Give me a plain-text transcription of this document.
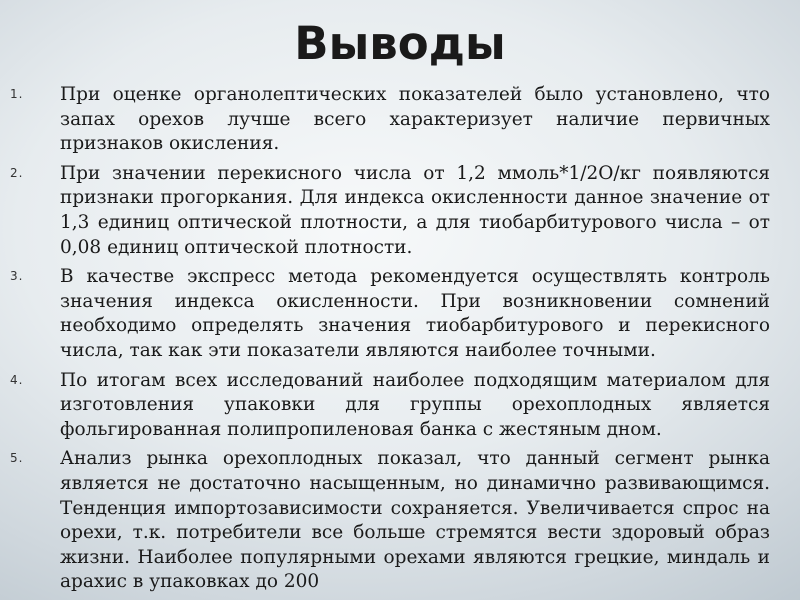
Выводы
1. При оценке органолептических показателей было установлено, что запах орехов лучше всего характеризует наличие первичных признаков окисления.
2. При значении перекисного числа от 1,2 ммоль*1/2О/кг появляются признаки прогоркания. Для индекса окисленности данное значение от 1,3 единиц оптической плотности, а для тиобарбитурового числа – от 0,08 единиц оптической плотности.
3. В качестве экспресс метода рекомендуется осуществлять контроль значения индекса окисленности. При возникновении сомнений необходимо определять значения тиобарбитурового и перекисного числа, так как эти показатели являются наиболее точными.
4. По итогам всех исследований наиболее подходящим материалом для изготовления упаковки для группы орехоплодных является фольгированная полипропиленовая банка с жестяным дном.
5. Анализ рынка орехоплодных показал, что данный сегмент рынка является не достаточно насыщенным, но динамично развивающимся. Тенденция импортозависимости сохраняется. Увеличивается спрос на орехи, т.к. потребители все больше стремятся вести здоровый образ жизни. Наиболее популярными орехами являются грецкие, миндаль и арахис в упаковках до 200
